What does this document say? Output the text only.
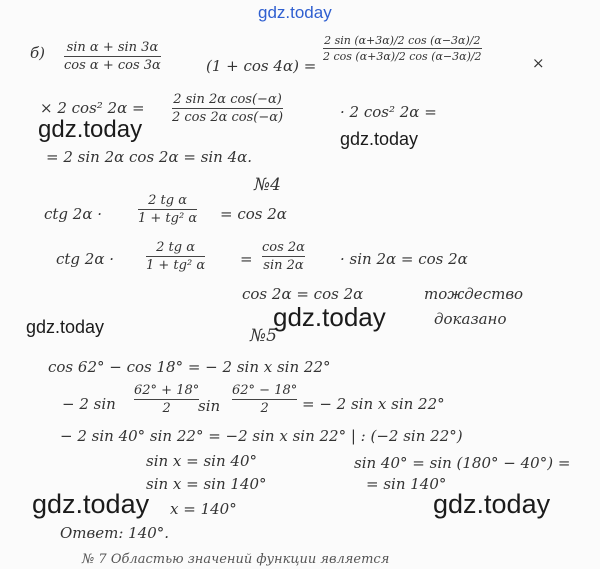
gdz.today
б) sin α + sin 3α
cos α + cos 3α	(1 + cos 4α) =
2 sin (α+3α)/2 cos (α−3α)/2
2 cos (α+3α)/2 cos (α−3α)/2	×
× 2 cos² 2α = 2 sin 2α cos(−α)
2 cos 2α cos(−α)	· 2 cos² 2α =
gdz.today	gdz.today
= 2 sin 2α cos 2α = sin 4α.
№4
ctg 2α ·
2 tg α
1 + tg² α = cos 2α
ctg 2α ·
2 tg α
1 + tg² α =
cos 2α
sin 2α · sin 2α = cos 2α
cos 2α = cos 2α	тождество
доказано
gdz.today	gdz.today
№5
cos 62° − cos 18° = − 2 sin x sin 22°
− 2 sin
62° + 18°
2 sin
62° − 18°
2 = − 2 sin x sin 22°
− 2 sin 40° sin 22° = −2 sin x sin 22° | : (−2 sin 22°)
sin x = sin 40°	sin 40° = sin (180° − 40°) =
sin x = sin 140°	= sin 140°
gdz.today	gdz.today
x = 140°
Ответ: 140°.
№ 7 Областью значений функции является
